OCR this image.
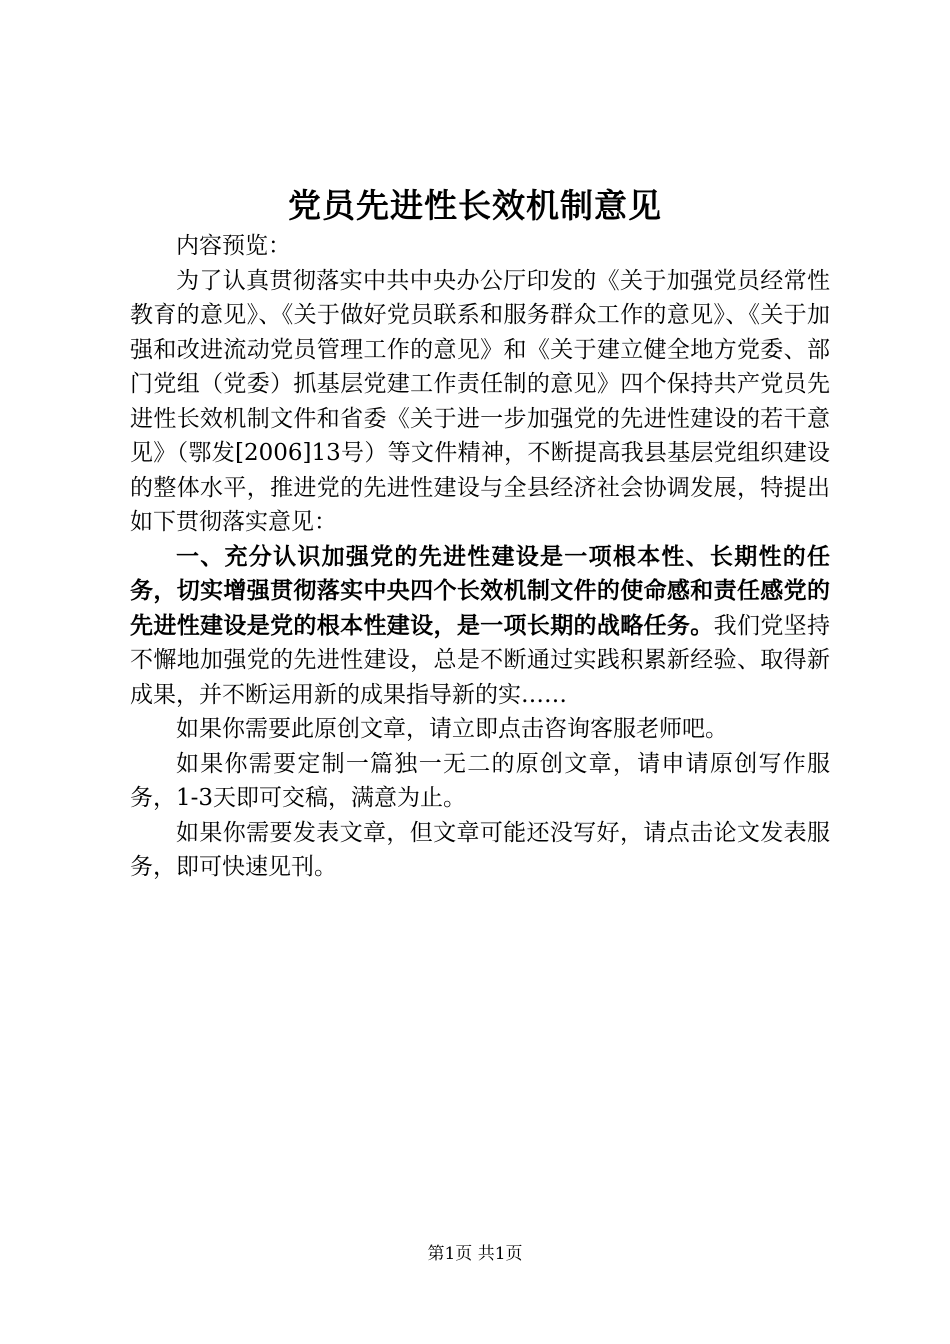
党员先进性长效机制意见

内容预览：

为了认真贯彻落实中共中央办公厅印发的《关于加强党员经常性教育的意见》、《关于做好党员联系和服务群众工作的意见》、《关于加强和改进流动党员管理工作的意见》和《关于建立健全地方党委、部门党组（党委）抓基层党建工作责任制的意见》四个保持共产党员先进性长效机制文件和省委《关于进一步加强党的先进性建设的若干意见》（鄂发[2006]13号）等文件精神，不断提高我县基层党组织建设的整体水平，推进党的先进性建设与全县经济社会协调发展，特提出如下贯彻落实意见：

一、充分认识加强党的先进性建设是一项根本性、长期性的任务，切实增强贯彻落实中央四个长效机制文件的使命感和责任感党的先进性建设是党的根本性建设，是一项长期的战略任务。我们党坚持不懈地加强党的先进性建设，总是不断通过实践积累新经验、取得新成果，并不断运用新的成果指导新的实……

如果你需要此原创文章，请立即点击咨询客服老师吧。

如果你需要定制一篇独一无二的原创文章，请申请原创写作服务，1-3天即可交稿，满意为止。

如果你需要发表文章，但文章可能还没写好，请点击论文发表服务，即可快速见刊。

第1页 共1页
